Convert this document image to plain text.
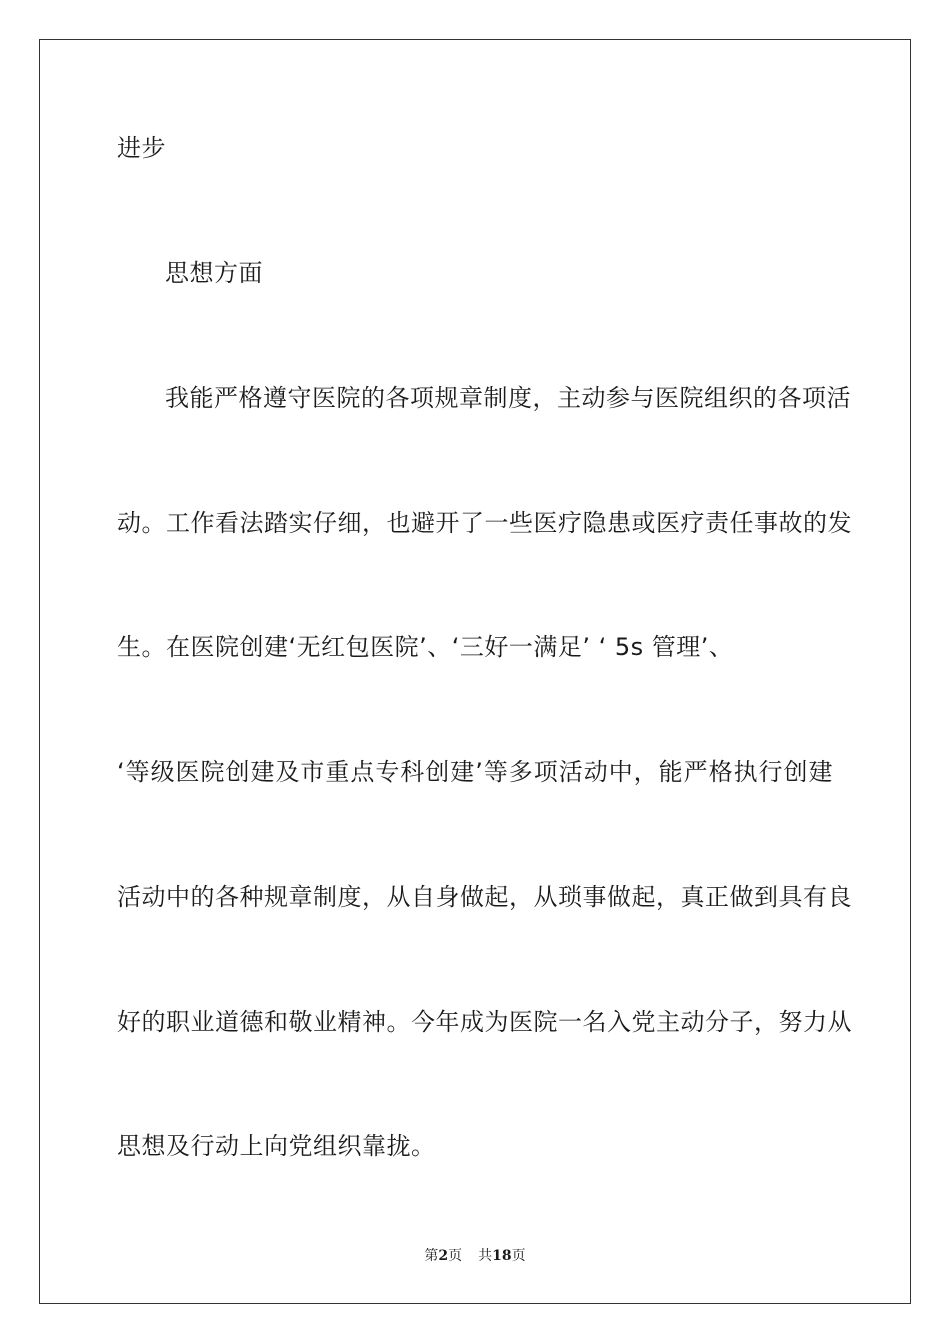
进步
思想方面
我能严格遵守医院的各项规章制度，主动参与医院组织的各项活
动。工作看法踏实仔细，也避开了一些医疗隐患或医疗责任事故的发
生。在医院创建‘无红包医院’、‘三好一满足’ ‘ 5s 管理’、
‘等级医院创建及市重点专科创建’等多项活动中，能严格执行创建
活动中的各种规章制度，从自身做起，从琐事做起，真正做到具有良
好的职业道德和敬业精神。今年成为医院一名入党主动分子，努力从
思想及行动上向党组织靠拢。
第2页 共18页
